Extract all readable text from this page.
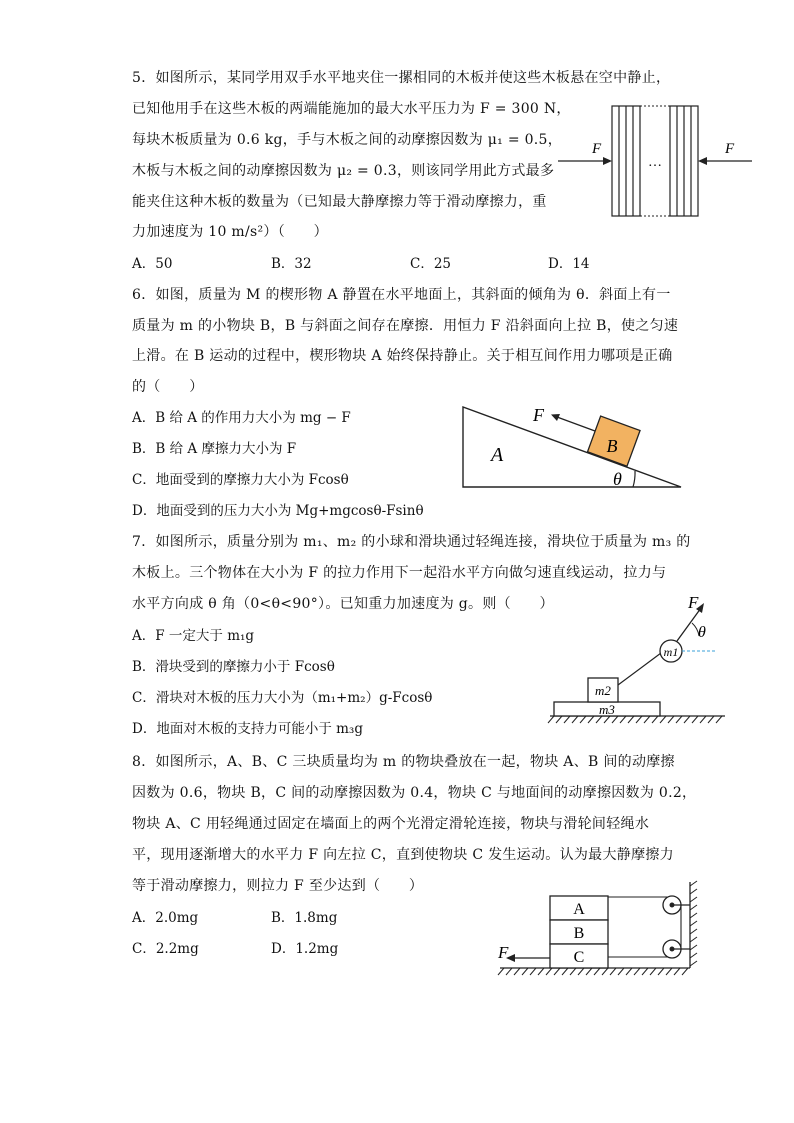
5．如图所示，某同学用双手水平地夹住一摞相同的木板并使这些木板悬在空中静止，
已知他用手在这些木板的两端能施加的最大水平压力为 F = 300 N，
每块木板质量为 0.6 kg，手与木板之间的动摩擦因数为 μ₁ = 0.5，
木板与木板之间的动摩擦因数为 μ₂ = 0.3，则该同学用此方式最多
能夹住这种木板的数量为（已知最大静摩擦力等于滑动摩擦力，重
力加速度为 10 m/s²）（　　）
A．50	B．32	C．25	D．14
…
F	F
6．如图，质量为 M 的楔形物 A 静置在水平地面上，其斜面的倾角为 θ．斜面上有一
质量为 m 的小物块 B，B 与斜面之间存在摩擦．用恒力 F 沿斜面向上拉 B，使之匀速
上滑。在 B 运动的过程中，楔形物块 A 始终保持静止。关于相互间作用力哪项是正确
的（　　）
A．B 给 A 的作用力大小为 mg − F
B．B 给 A 摩擦力大小为 F
C．地面受到的摩擦力大小为 Fcosθ
D．地面受到的压力大小为 Mg+mgcosθ-Fsinθ
B
F
A
θ
7．如图所示，质量分别为 m₁、m₂ 的小球和滑块通过轻绳连接，滑块位于质量为 m₃ 的
木板上。三个物体在大小为 F 的拉力作用下一起沿水平方向做匀速直线运动，拉力与
水平方向成 θ 角（0<θ<90°）。已知重力加速度为 g。则（　　）
A．F 一定大于 m₁g
B．滑块受到的摩擦力小于 Fcosθ
C．滑块对木板的压力大小为（m₁+m₂）g-Fcosθ
D．地面对木板的支持力可能小于 m₃g
F
θ
m1
m2
m3
8．如图所示，A、B、C 三块质量均为 m 的物块叠放在一起，物块 A、B 间的动摩擦
因数为 0.6，物块 B，C 间的动摩擦因数为 0.4，物块 C 与地面间的动摩擦因数为 0.2，
物块 A、C 用轻绳通过固定在墙面上的两个光滑定滑轮连接，物块与滑轮间轻绳水
平，现用逐渐增大的水平力 F 向左拉 C，直到使物块 C 发生运动。认为最大静摩擦力
等于滑动摩擦力，则拉力 F 至少达到（　　）
A．2.0mg	B．1.8mg
C．2.2mg	D．1.2mg
A
B
C
F
